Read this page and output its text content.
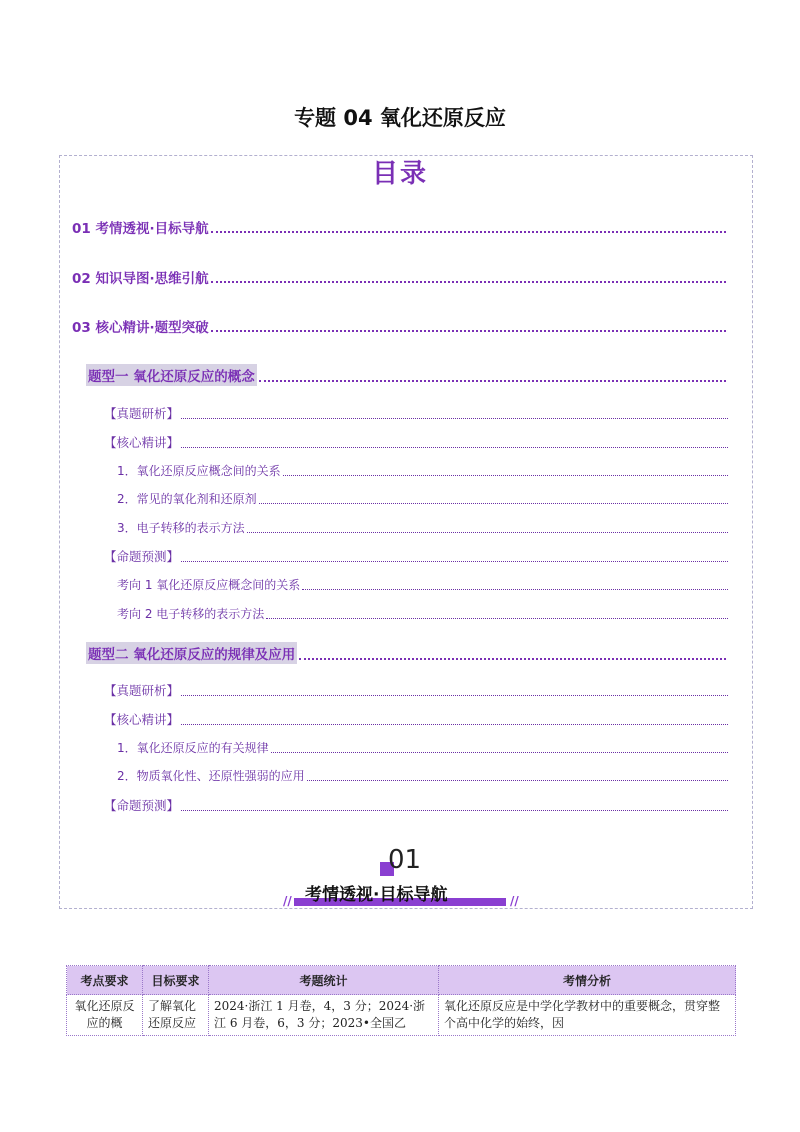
专题 04 氧化还原反应
目录
01 考情透视·目标导航
02 知识导图·思维引航
03 核心精讲·题型突破
题型一 氧化还原反应的概念
【真题研析】
【核心精讲】
1．氧化还原反应概念间的关系
2．常见的氧化剂和还原剂
3．电子转移的表示方法
【命题预测】
考向 1 氧化还原反应概念间的关系
考向 2 电子转移的表示方法
题型二 氧化还原反应的规律及应用
【真题研析】
【核心精讲】
1．氧化还原反应的有关规律
2．物质氧化性、还原性强弱的应用
【命题预测】
01
// 考情透视·目标导航	//
考点要求	目标要求	考题统计	考情分析
氧化还原反应的概	了解氧化还原反应	2024·浙江 1 月卷，4，3 分；2024·浙江 6 月卷，6，3 分；2023•全国乙	氧化还原反应是中学化学教材中的重要概念，贯穿整个高中化学的始终，因
